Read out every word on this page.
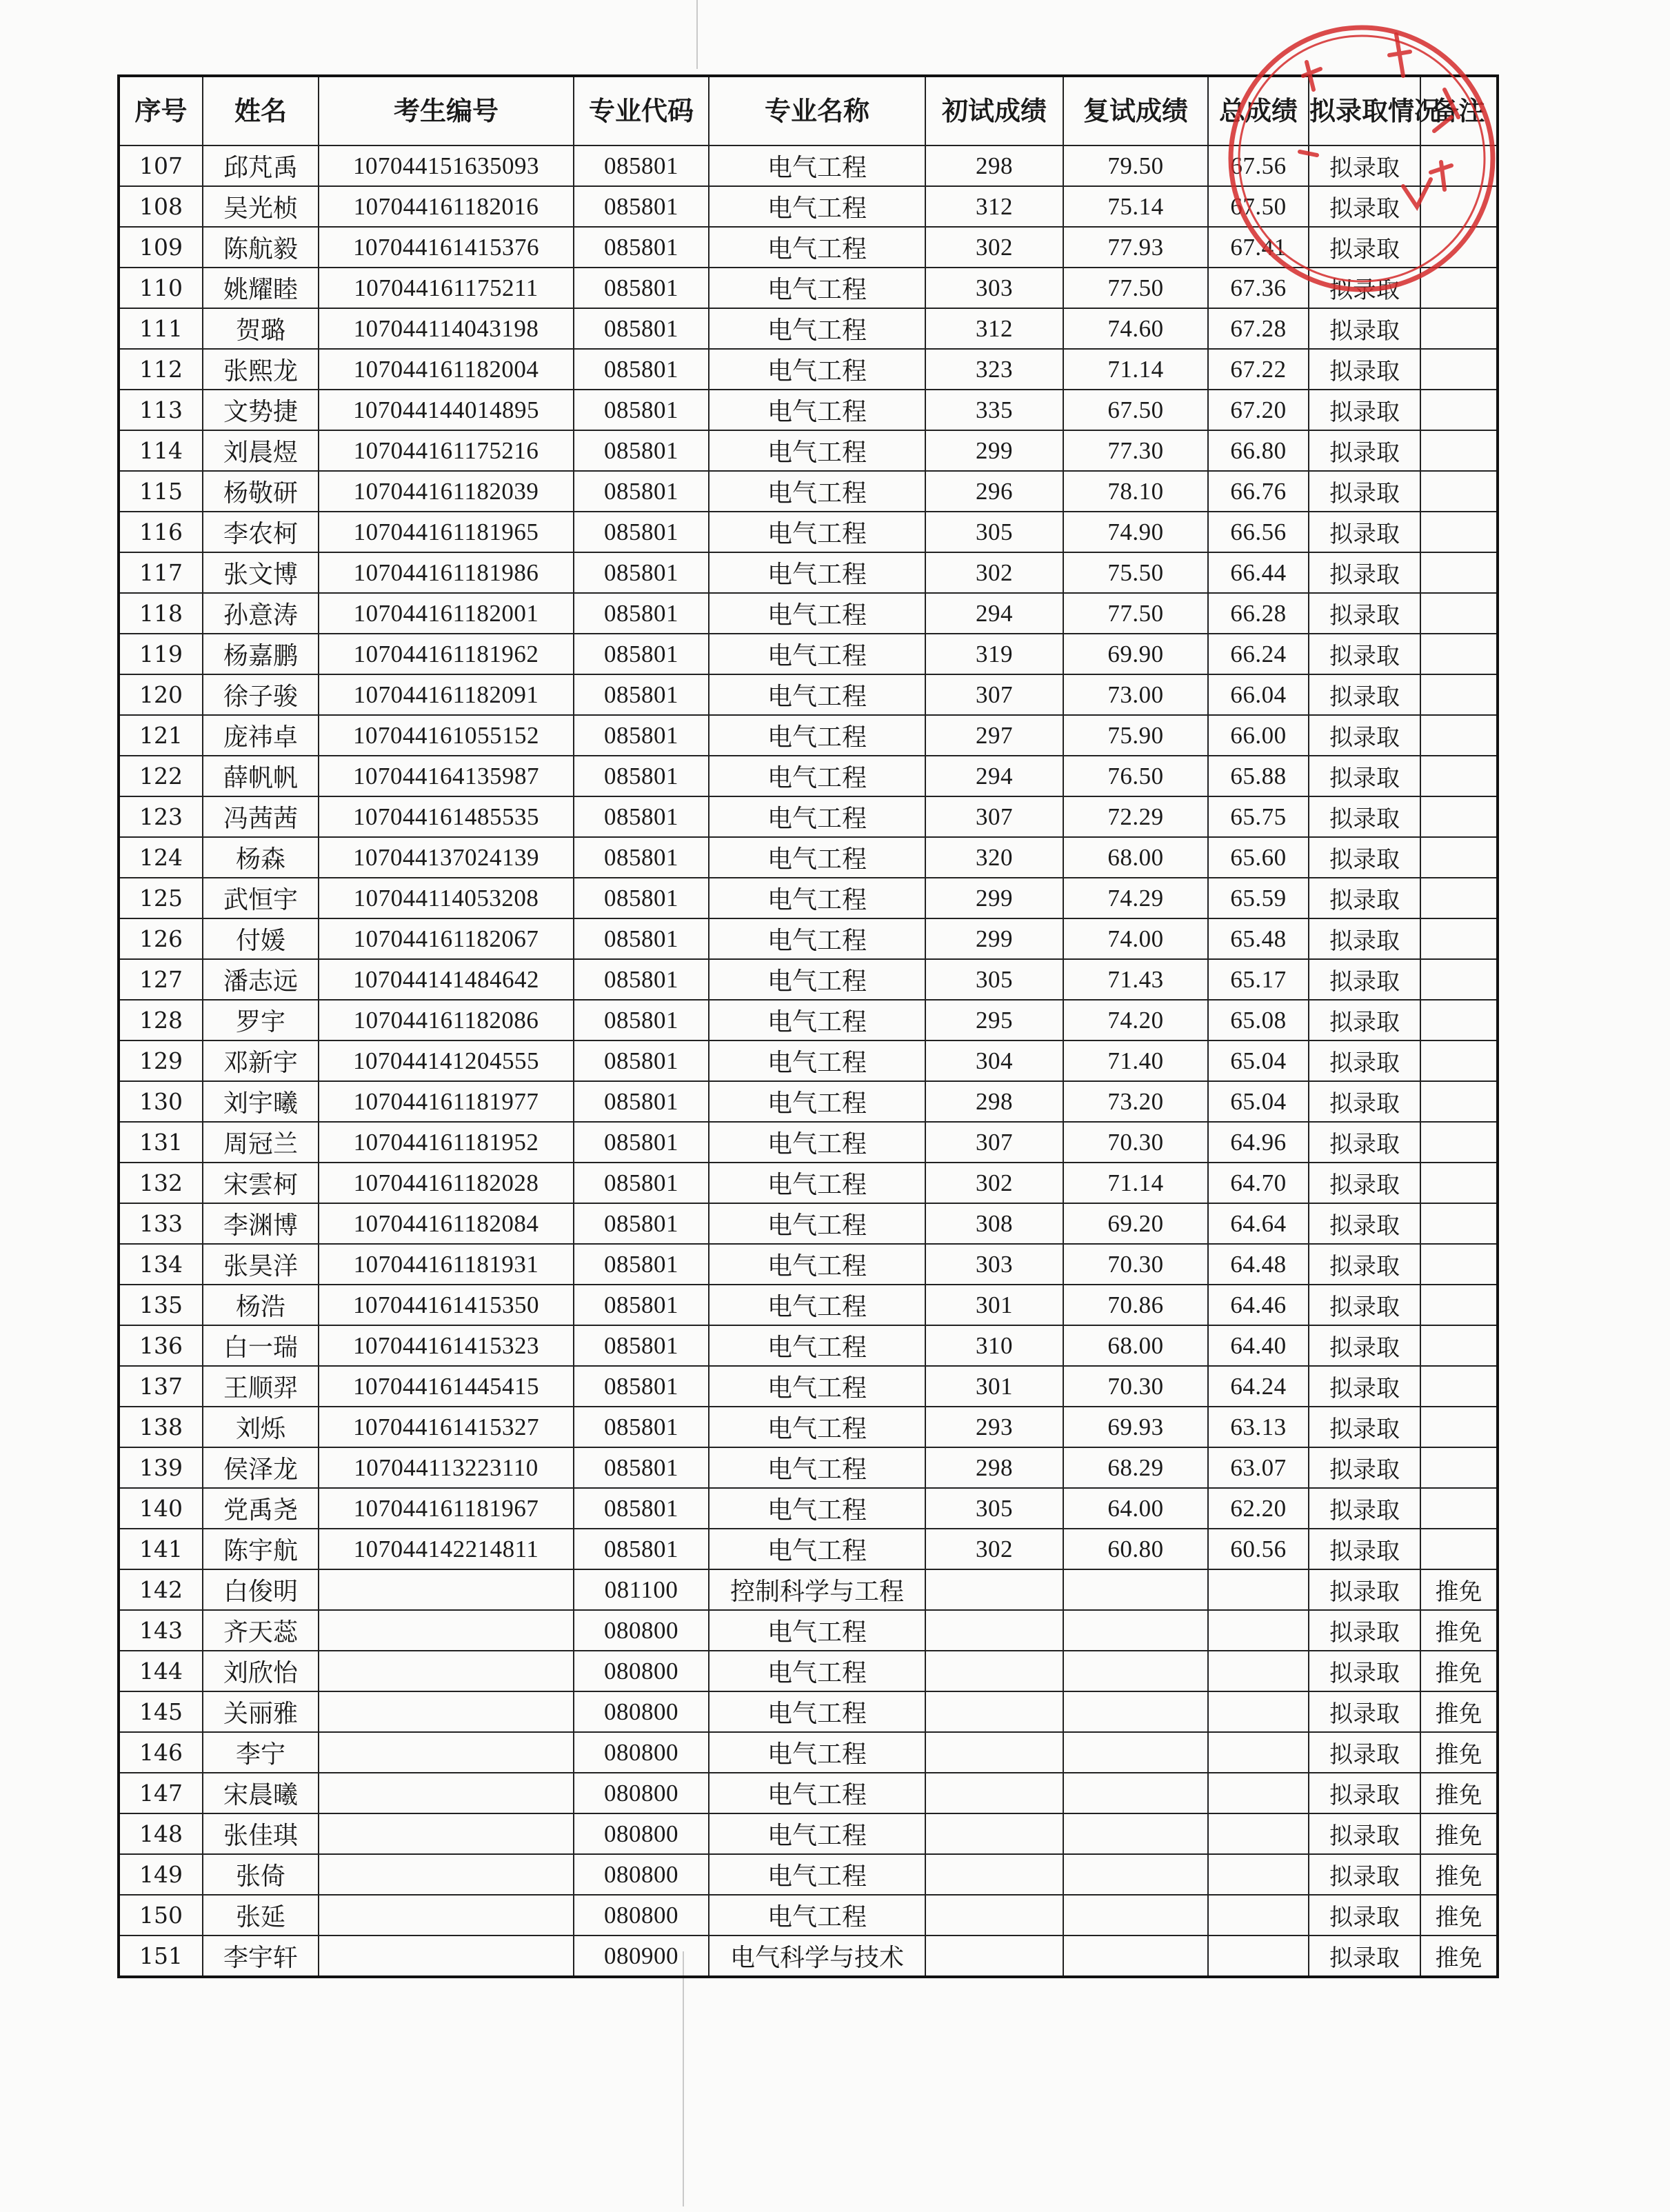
序号	姓名	考生编号	专业代码	专业名称	初试成绩	复试成绩	总成绩	拟录取情况	备注
107	邱芃禹	107044151635093	085801	电气工程	298	79.50	67.56	拟录取	
108	吴光桢	107044161182016	085801	电气工程	312	75.14	67.50	拟录取	
109	陈航毅	107044161415376	085801	电气工程	302	77.93	67.41	拟录取	
110	姚耀睦	107044161175211	085801	电气工程	303	77.50	67.36	拟录取	
111	贺璐	107044114043198	085801	电气工程	312	74.60	67.28	拟录取	
112	张熙龙	107044161182004	085801	电气工程	323	71.14	67.22	拟录取	
113	文势捷	107044144014895	085801	电气工程	335	67.50	67.20	拟录取	
114	刘晨煜	107044161175216	085801	电气工程	299	77.30	66.80	拟录取	
115	杨敬研	107044161182039	085801	电气工程	296	78.10	66.76	拟录取	
116	李农柯	107044161181965	085801	电气工程	305	74.90	66.56	拟录取	
117	张文博	107044161181986	085801	电气工程	302	75.50	66.44	拟录取	
118	孙意涛	107044161182001	085801	电气工程	294	77.50	66.28	拟录取	
119	杨嘉鹏	107044161181962	085801	电气工程	319	69.90	66.24	拟录取	
120	徐子骏	107044161182091	085801	电气工程	307	73.00	66.04	拟录取	
121	庞祎卓	107044161055152	085801	电气工程	297	75.90	66.00	拟录取	
122	薛帆帆	107044164135987	085801	电气工程	294	76.50	65.88	拟录取	
123	冯茜茜	107044161485535	085801	电气工程	307	72.29	65.75	拟录取	
124	杨森	107044137024139	085801	电气工程	320	68.00	65.60	拟录取	
125	武恒宇	107044114053208	085801	电气工程	299	74.29	65.59	拟录取	
126	付媛	107044161182067	085801	电气工程	299	74.00	65.48	拟录取	
127	潘志远	107044141484642	085801	电气工程	305	71.43	65.17	拟录取	
128	罗宇	107044161182086	085801	电气工程	295	74.20	65.08	拟录取	
129	邓新宇	107044141204555	085801	电气工程	304	71.40	65.04	拟录取	
130	刘宇曦	107044161181977	085801	电气工程	298	73.20	65.04	拟录取	
131	周冠兰	107044161181952	085801	电气工程	307	70.30	64.96	拟录取	
132	宋雲柯	107044161182028	085801	电气工程	302	71.14	64.70	拟录取	
133	李渊博	107044161182084	085801	电气工程	308	69.20	64.64	拟录取	
134	张昊洋	107044161181931	085801	电气工程	303	70.30	64.48	拟录取	
135	杨浩	107044161415350	085801	电气工程	301	70.86	64.46	拟录取	
136	白一瑞	107044161415323	085801	电气工程	310	68.00	64.40	拟录取	
137	王顺羿	107044161445415	085801	电气工程	301	70.30	64.24	拟录取	
138	刘烁	107044161415327	085801	电气工程	293	69.93	63.13	拟录取	
139	侯泽龙	107044113223110	085801	电气工程	298	68.29	63.07	拟录取	
140	党禹尧	107044161181967	085801	电气工程	305	64.00	62.20	拟录取	
141	陈宇航	107044142214811	085801	电气工程	302	60.80	60.56	拟录取	
142	白俊明		081100	控制科学与工程				拟录取	推免
143	齐天蕊		080800	电气工程				拟录取	推免
144	刘欣怡		080800	电气工程				拟录取	推免
145	关丽雅		080800	电气工程				拟录取	推免
146	李宁		080800	电气工程				拟录取	推免
147	宋晨曦		080800	电气工程				拟录取	推免
148	张佳琪		080800	电气工程				拟录取	推免
149	张倚		080800	电气工程				拟录取	推免
150	张延		080800	电气工程				拟录取	推免
151	李宇轩		080900	电气科学与技术				拟录取	推免
